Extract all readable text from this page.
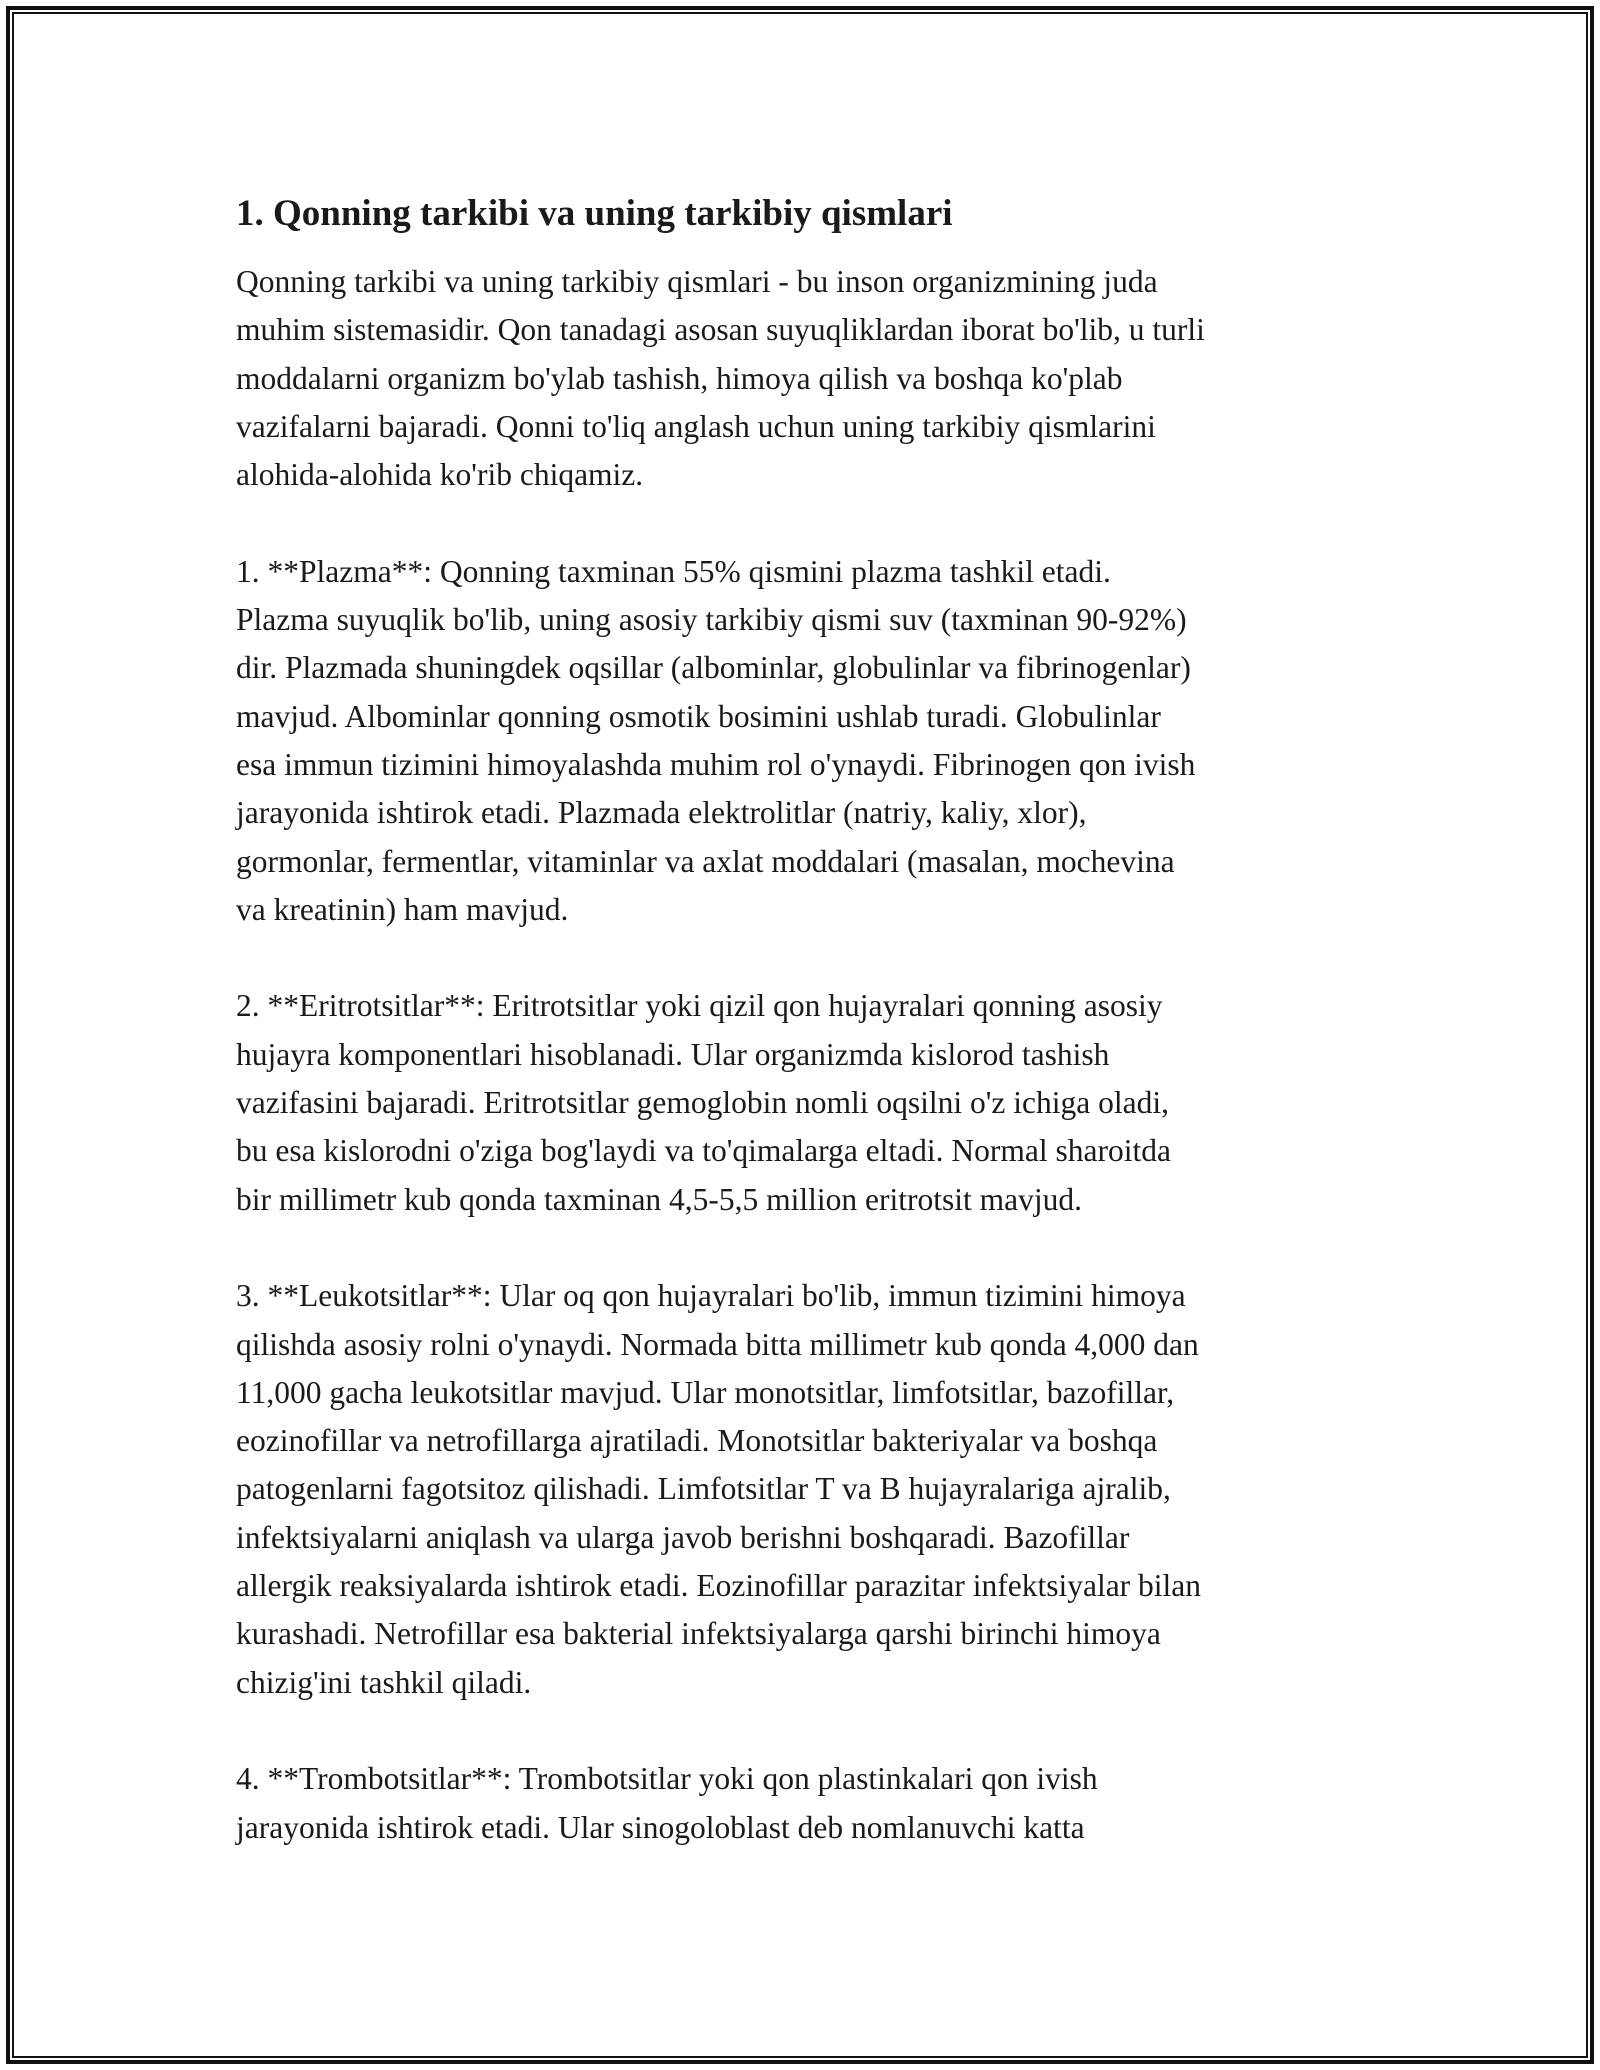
1. Qonning tarkibi va uning tarkibiy qismlari
Qonning tarkibi va uning tarkibiy qismlari - bu inson organizmining juda
muhim sistemasidir. Qon tanadagi asosan suyuqliklardan iborat bo'lib, u turli
moddalarni organizm bo'ylab tashish, himoya qilish va boshqa ko'plab
vazifalarni bajaradi. Qonni to'liq anglash uchun uning tarkibiy qismlarini
alohida-alohida ko'rib chiqamiz.
1. **Plazma**: Qonning taxminan 55% qismini plazma tashkil etadi.
Plazma suyuqlik bo'lib, uning asosiy tarkibiy qismi suv (taxminan 90-92%)
dir. Plazmada shuningdek oqsillar (albominlar, globulinlar va fibrinogenlar)
mavjud. Albominlar qonning osmotik bosimini ushlab turadi. Globulinlar
esa immun tizimini himoyalashda muhim rol o'ynaydi. Fibrinogen qon ivish
jarayonida ishtirok etadi. Plazmada elektrolitlar (natriy, kaliy, xlor),
gormonlar, fermentlar, vitaminlar va axlat moddalari (masalan, mochevina
va kreatinin) ham mavjud.
2. **Eritrotsitlar**: Eritrotsitlar yoki qizil qon hujayralari qonning asosiy
hujayra komponentlari hisoblanadi. Ular organizmda kislorod tashish
vazifasini bajaradi. Eritrotsitlar gemoglobin nomli oqsilni o'z ichiga oladi,
bu esa kislorodni o'ziga bog'laydi va to'qimalarga eltadi. Normal sharoitda
bir millimetr kub qonda taxminan 4,5-5,5 million eritrotsit mavjud.
3. **Leukotsitlar**: Ular oq qon hujayralari bo'lib, immun tizimini himoya
qilishda asosiy rolni o'ynaydi. Normada bitta millimetr kub qonda 4,000 dan
11,000 gacha leukotsitlar mavjud. Ular monotsitlar, limfotsitlar, bazofillar,
eozinofillar va netrofillarga ajratiladi. Monotsitlar bakteriyalar va boshqa
patogenlarni fagotsitoz qilishadi. Limfotsitlar T va B hujayralariga ajralib,
infektsiyalarni aniqlash va ularga javob berishni boshqaradi. Bazofillar
allergik reaksiyalarda ishtirok etadi. Eozinofillar parazitar infektsiyalar bilan
kurashadi. Netrofillar esa bakterial infektsiyalarga qarshi birinchi himoya
chizig'ini tashkil qiladi.
4. **Trombotsitlar**: Trombotsitlar yoki qon plastinkalari qon ivish
jarayonida ishtirok etadi. Ular sinogoloblast deb nomlanuvchi katta
